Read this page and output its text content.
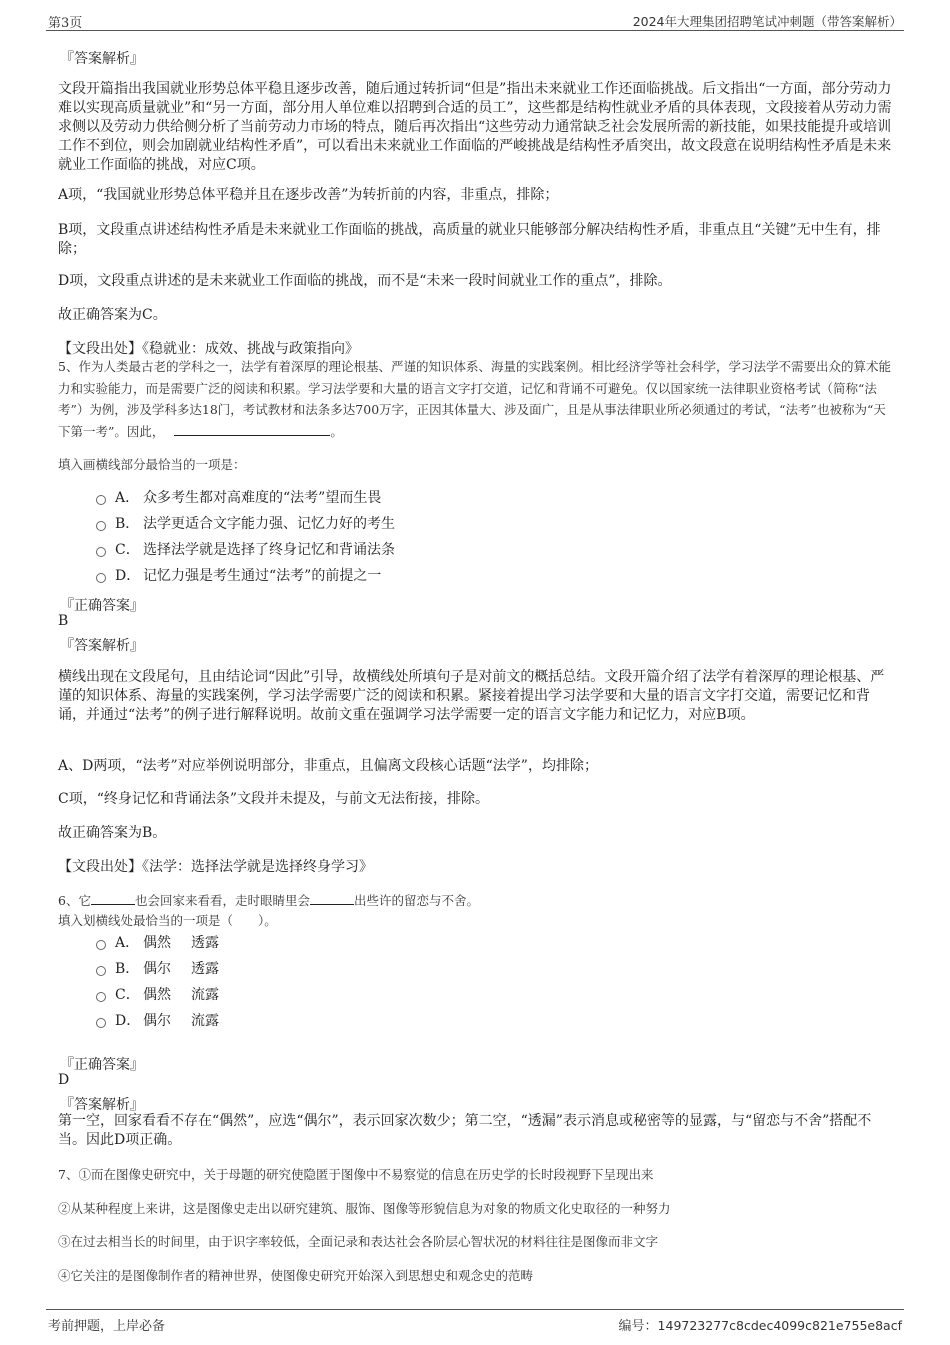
第3页	2024年大理集团招聘笔试冲刺题（带答案解析）
『答案解析』
文段开篇指出我国就业形势总体平稳且逐步改善，随后通过转折词“但是”指出未来就业工作还面临挑战。后文指出“一方面，部分劳动力难以实现高质量就业”和“另一方面，部分用人单位难以招聘到合适的员工”，这些都是结构性就业矛盾的具体表现，文段接着从劳动力需求侧以及劳动力供给侧分析了当前劳动力市场的特点，随后再次指出“这些劳动力通常缺乏社会发展所需的新技能，如果技能提升或培训工作不到位，则会加剧就业结构性矛盾”，可以看出未来就业工作面临的严峻挑战是结构性矛盾突出，故文段意在说明结构性矛盾是未来就业工作面临的挑战，对应C项。
A项，“我国就业形势总体平稳并且在逐步改善”为转折前的内容，非重点，排除；
B项，文段重点讲述结构性矛盾是未来就业工作面临的挑战，高质量的就业只能够部分解决结构性矛盾，非重点且“关键”无中生有，排除；
D项，文段重点讲述的是未来就业工作面临的挑战，而不是“未来一段时间就业工作的重点”，排除。
故正确答案为C。
【文段出处】《稳就业：成效、挑战与政策指向》
5、作为人类最古老的学科之一，法学有着深厚的理论根基、严谨的知识体系、海量的实践案例。相比经济学等社会科学，学习法学不需要出众的算术能力和实验能力，而是需要广泛的阅读和积累。学习法学要和大量的语言文字打交道，记忆和背诵不可避免。仅以国家统一法律职业资格考试（简称“法考”）为例，涉及学科多达18门，考试教材和法条多达700万字，正因其体量大、涉及面广，且是从事法律职业所必须通过的考试，“法考”也被称为“天下第一考”。因此，	。
填入画横线部分最恰当的一项是：
A． 众多考生都对高难度的“法考”望而生畏
B． 法学更适合文字能力强、记忆力好的考生
C． 选择法学就是选择了终身记忆和背诵法条
D． 记忆力强是考生通过“法考”的前提之一
『正确答案』
B
『答案解析』
横线出现在文段尾句，且由结论词“因此”引导，故横线处所填句子是对前文的概括总结。文段开篇介绍了法学有着深厚的理论根基、严谨的知识体系、海量的实践案例，学习法学需要广泛的阅读和积累。紧接着提出学习法学要和大量的语言文字打交道，需要记忆和背诵，并通过“法考”的例子进行解释说明。故前文重在强调学习法学需要一定的语言文字能力和记忆力，对应B项。
A、D两项，“法考”对应举例说明部分，非重点，且偏离文段核心话题“法学”，均排除；
C项，“终身记忆和背诵法条”文段并未提及，与前文无法衔接，排除。
故正确答案为B。
【文段出处】《法学：选择法学就是选择终身学习》
6、它	也会回家来看看，走时眼睛里会	出些许的留恋与不舍。
填入划横线处最恰当的一项是（　　）。
A． 偶然 透露
B． 偶尔 透露
C． 偶然 流露
D． 偶尔 流露
『正确答案』
D
『答案解析』
第一空，回家看看不存在“偶然”，应选“偶尔”，表示回家次数少；第二空，“透漏”表示消息或秘密等的显露，与“留恋与不舍”搭配不当。因此D项正确。
7、①而在图像史研究中，关于母题的研究使隐匿于图像中不易察觉的信息在历史学的长时段视野下呈现出来
②从某种程度上来讲，这是图像史走出以研究建筑、服饰、图像等形貌信息为对象的物质文化史取径的一种努力
③在过去相当长的时间里，由于识字率较低，全面记录和表达社会各阶层心智状况的材料往往是图像而非文字
④它关注的是图像制作者的精神世界，使图像史研究开始深入到思想史和观念史的范畴
考前押题，上岸必备	编号：149723277c8cdec4099c821e755e8acf
